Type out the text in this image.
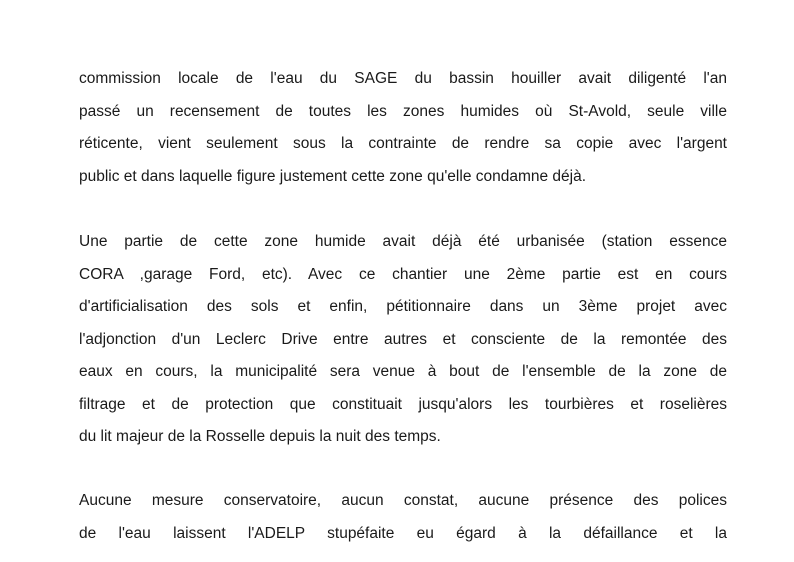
commission locale de l'eau du SAGE du bassin houiller avait diligenté l'an
passé un recensement de toutes les zones humides où St-Avold, seule ville
réticente, vient seulement sous la contrainte de rendre sa copie avec l'argent
public et dans laquelle figure justement cette zone qu'elle condamne déjà.
Une partie de cette zone humide avait déjà été urbanisée (station essence
CORA ,garage Ford, etc). Avec ce chantier une 2ème partie est en cours
d'artificialisation des sols et enfin, pétitionnaire dans un 3ème projet avec
l'adjonction d'un Leclerc Drive entre autres et consciente de la remontée des
eaux en cours, la municipalité sera venue à bout de l'ensemble de la zone de
filtrage et de protection que constituait jusqu'alors les tourbières et roselières
du lit majeur de la Rosselle depuis la nuit des temps.
Aucune mesure conservatoire, aucun constat, aucune présence des polices
de l'eau laissent l'ADELP stupéfaite eu égard à la défaillance et la
